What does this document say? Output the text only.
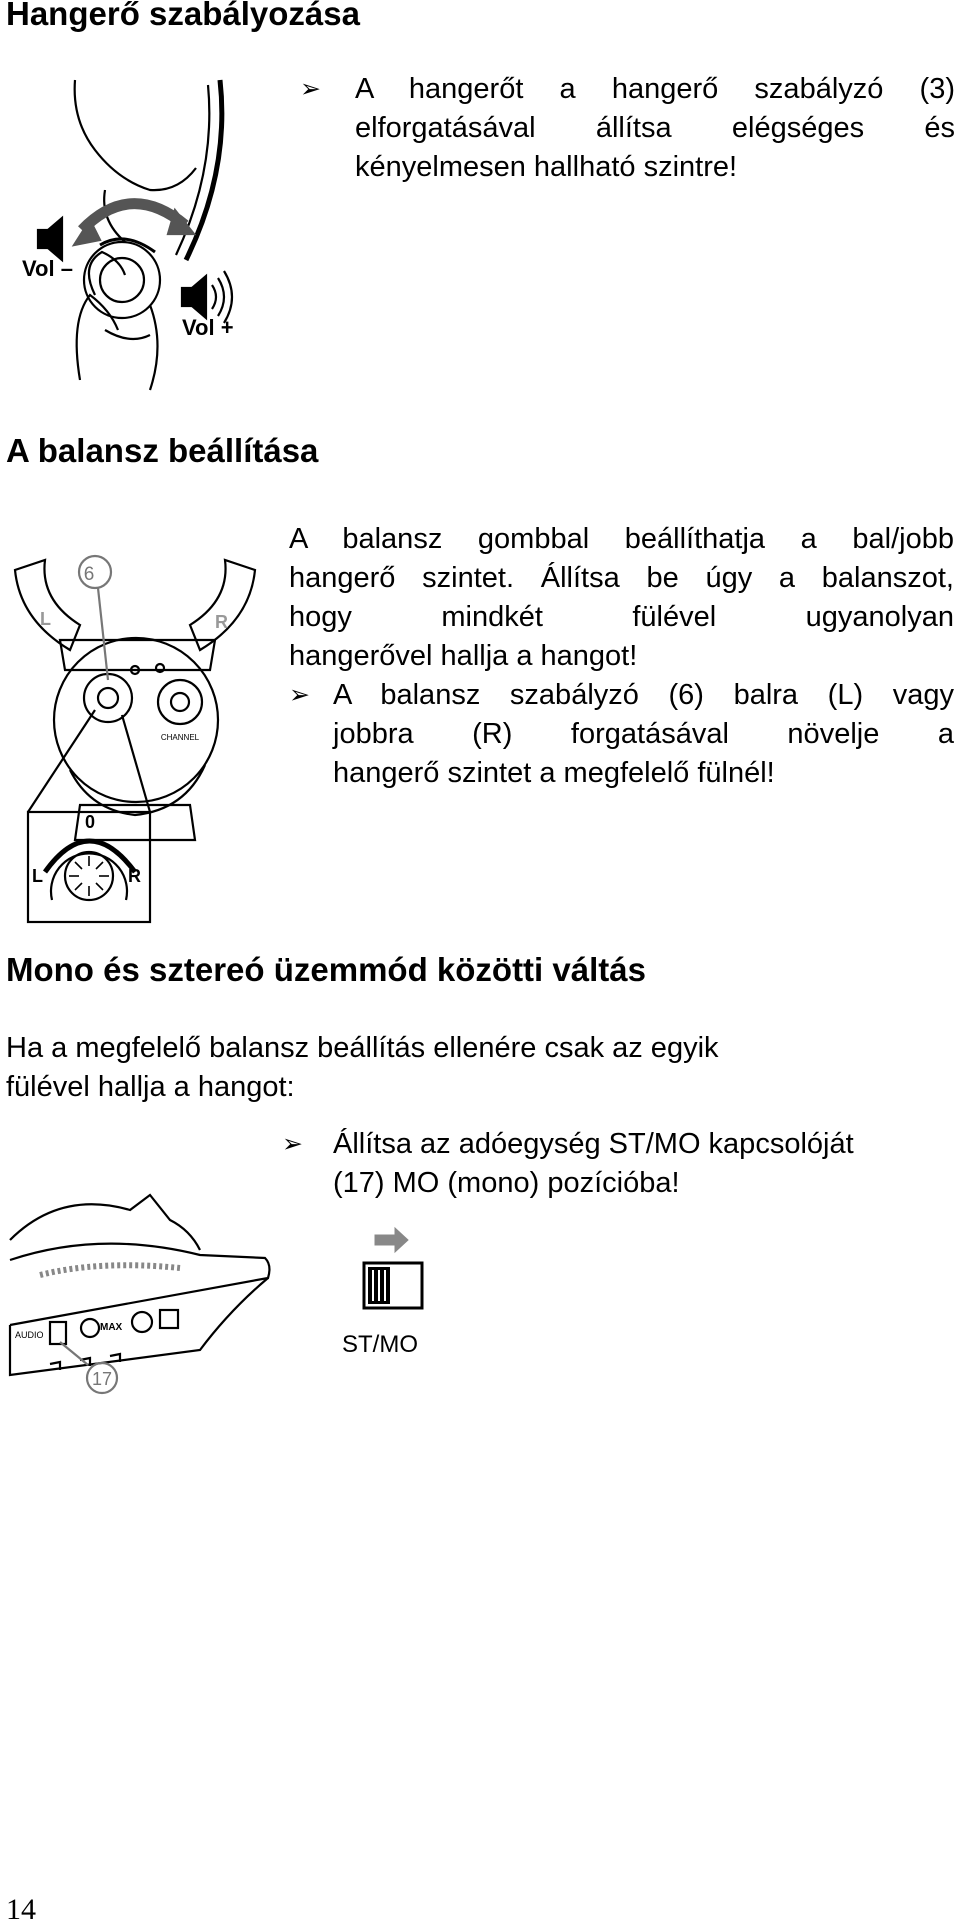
Hangerő szabályozása
➢ A hangerőt a hangerő szabályzó (3)
elforgatásával állítsa elégséges és
kényelmesen hallható szintre!
Vol –
Vol +
A balansz beállítása
A balansz gombbal beállíthatja a bal/jobb
hangerő szintet. Állítsa be úgy a balanszot,
hogy mindkét fülével ugyanolyan
hangerővel hallja a hangot!
➢ A balansz szabályzó (6) balra (L) vagy
jobbra (R) forgatásával növelje a
hangerő szintet a megfelelő fülnél!
6
L	R
CHANNEL
0
L	R
Mono és sztereó üzemmód közötti váltás
Ha a megfelelő balansz beállítás ellenére csak az egyik
fülével hallja a hangot:
➢ Állítsa az adóegység ST/MO kapcsolóját
(17) MO (mono) pozícióba!
AUDIO
MAX
17
ST/MO
14
